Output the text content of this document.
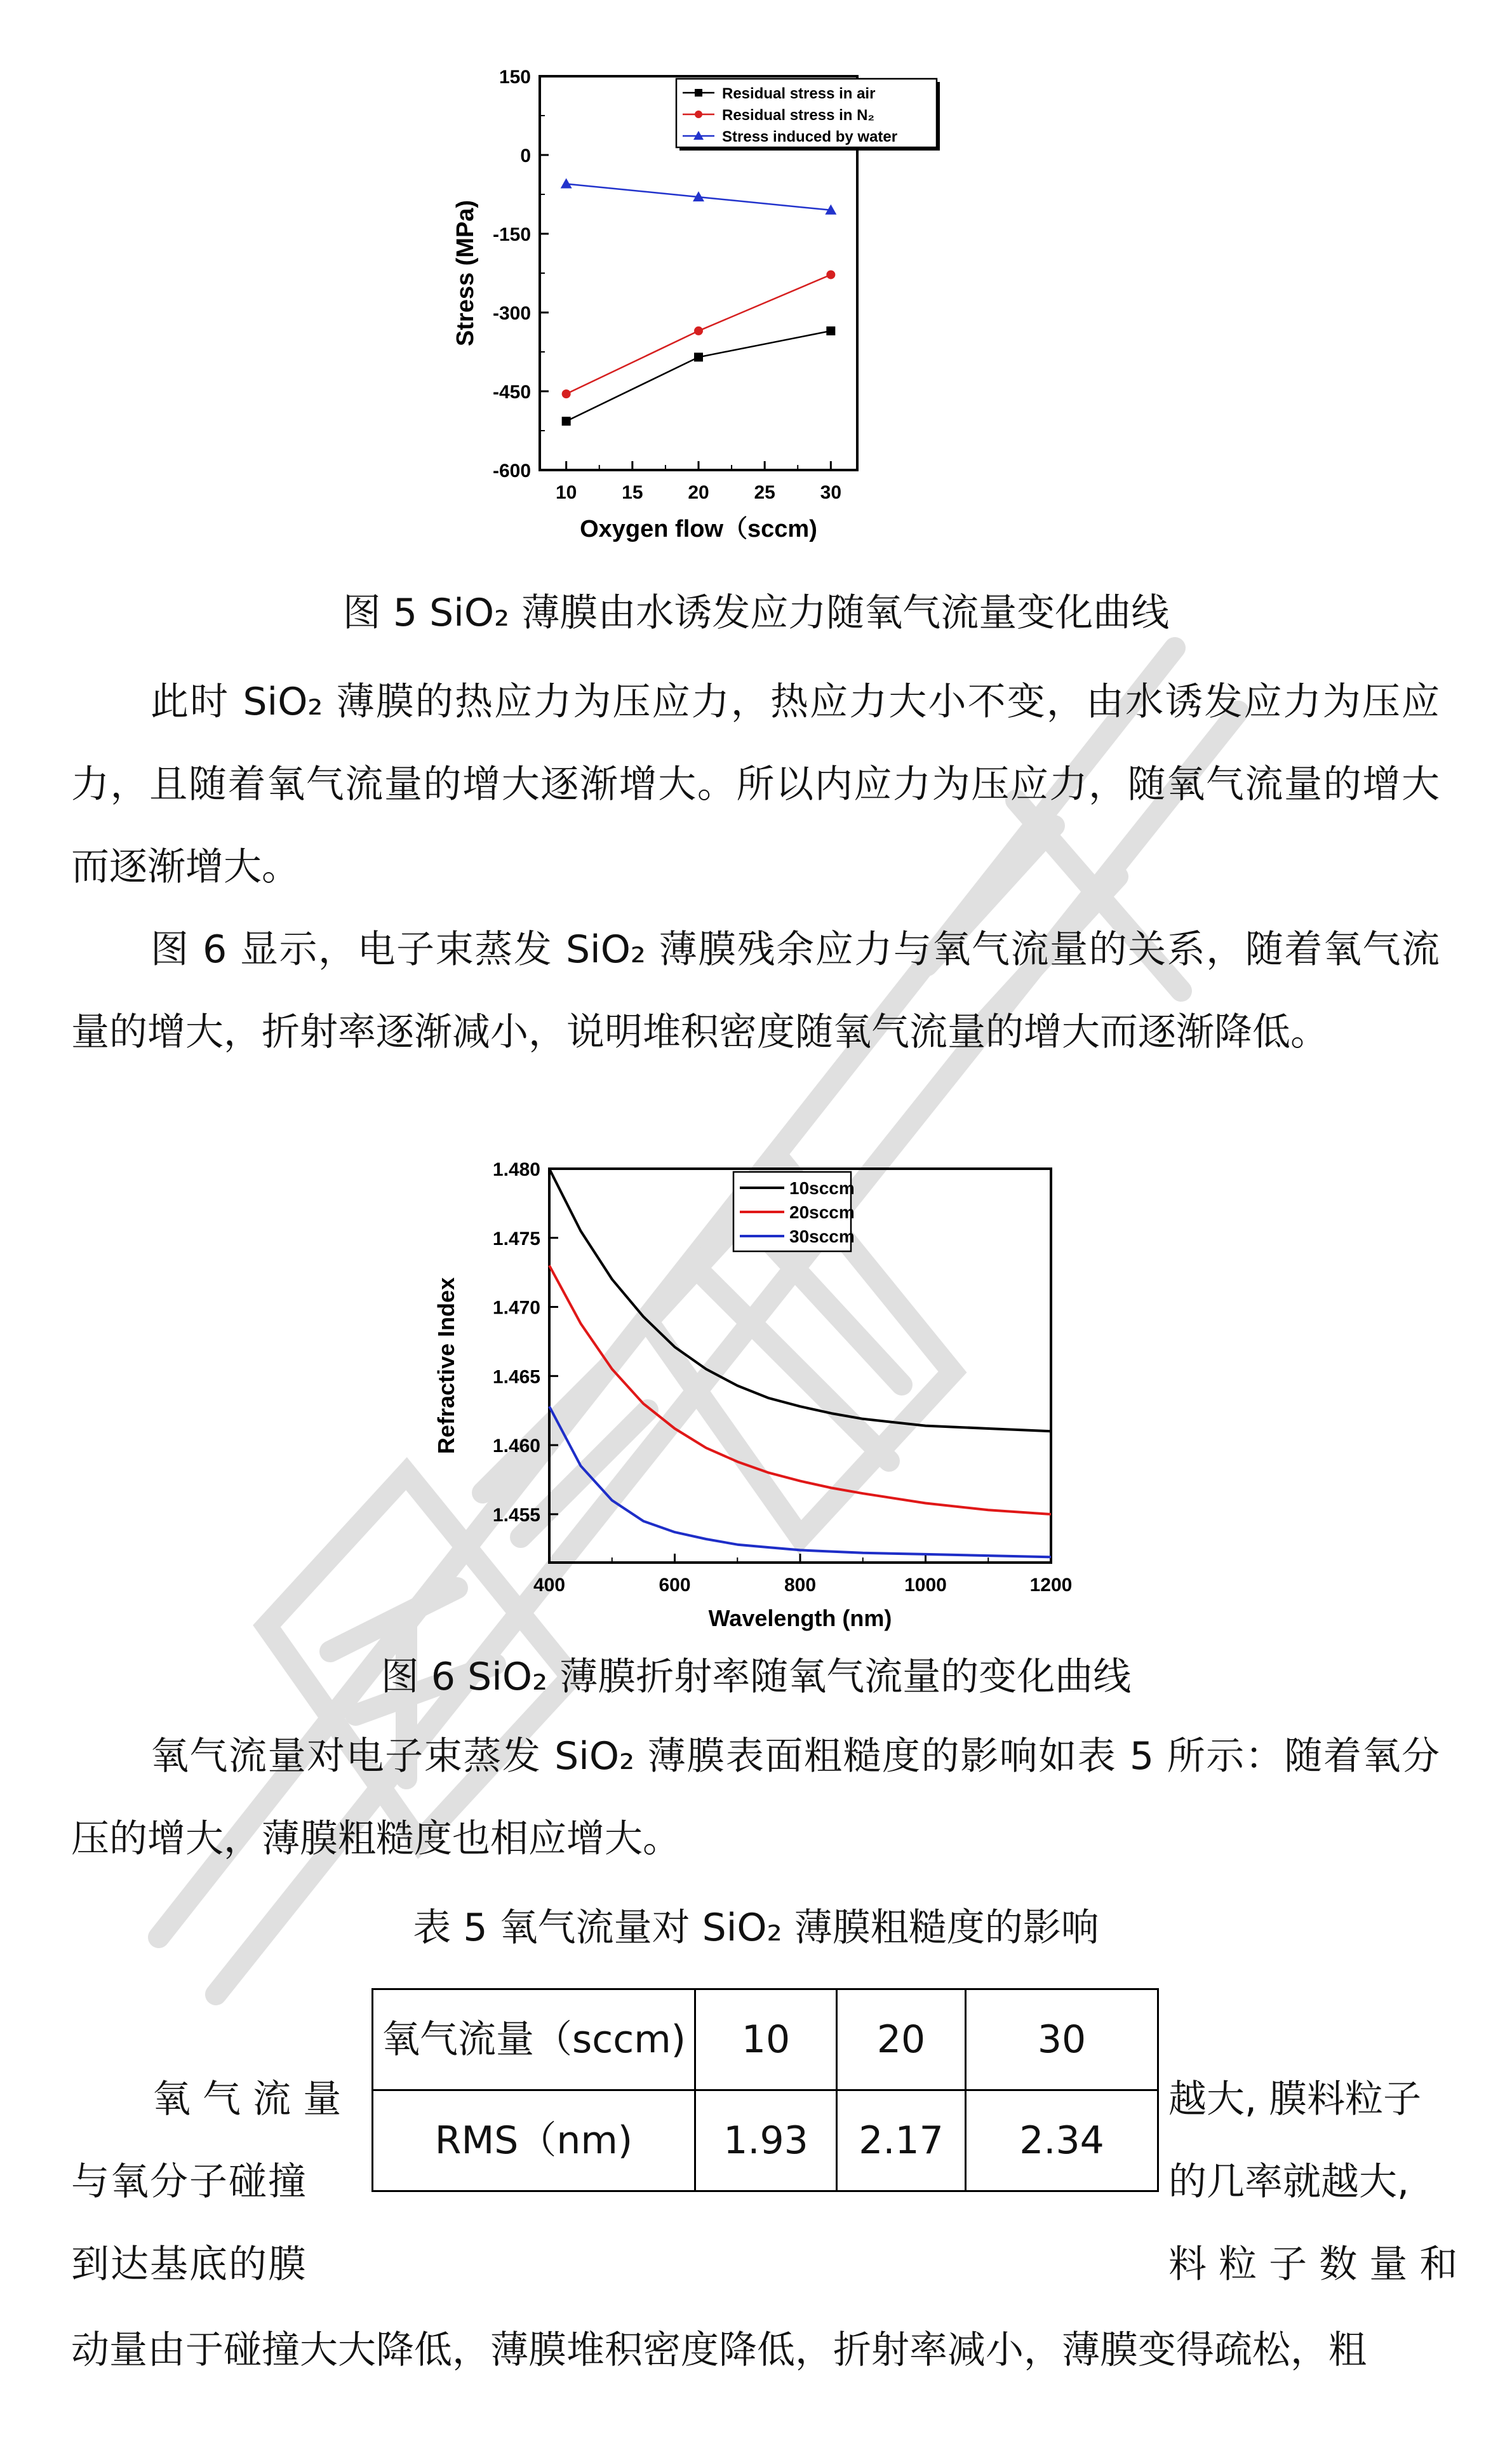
10 15 20 25 30
150
0
-150
-300
-450
-600
Oxygen flow（sccm)
Stress (MPa)
Residual stress in air
Residual stress in N₂
Stress induced by water
图 5 SiO₂ 薄膜由水诱发应力随氧气流量变化曲线

此时 SiO₂ 薄膜的热应力为压应力，热应力大小不变，由水诱发应力为压应力，且随着氧气流量的增大逐渐增大。所以内应力为压应力，随氧气流量的增大而逐渐增大。

图 6 显示，电子束蒸发 SiO₂ 薄膜残余应力与氧气流量的关系，随着氧气流量的增大，折射率逐渐减小，说明堆积密度随氧气流量的增大而逐渐降低。

400	600	800	1000	1200
1.480
1.475
1.470
1.465
1.460
1.455
Wavelength (nm)
Refractive Index
10sccm
20sccm
30sccm
图 6 SiO₂ 薄膜折射率随氧气流量的变化曲线

氧气流量对电子束蒸发 SiO₂ 薄膜表面粗糙度的影响如表 5 所示：随着氧分压的增大，薄膜粗糙度也相应增大。

表 5 氧气流量对 SiO₂ 薄膜粗糙度的影响
氧气流量（sccm)	10	20	30
RMS（nm)	1.93	2.17	2.34
氧 气 流 量
与氧分子碰撞
到达基底的膜
越大, 膜料粒子
的几率就越大,
料 粒 子 数 量 和
动量由于碰撞大大降低，薄膜堆积密度降低，折射率减小，薄膜变得疏松，粗
